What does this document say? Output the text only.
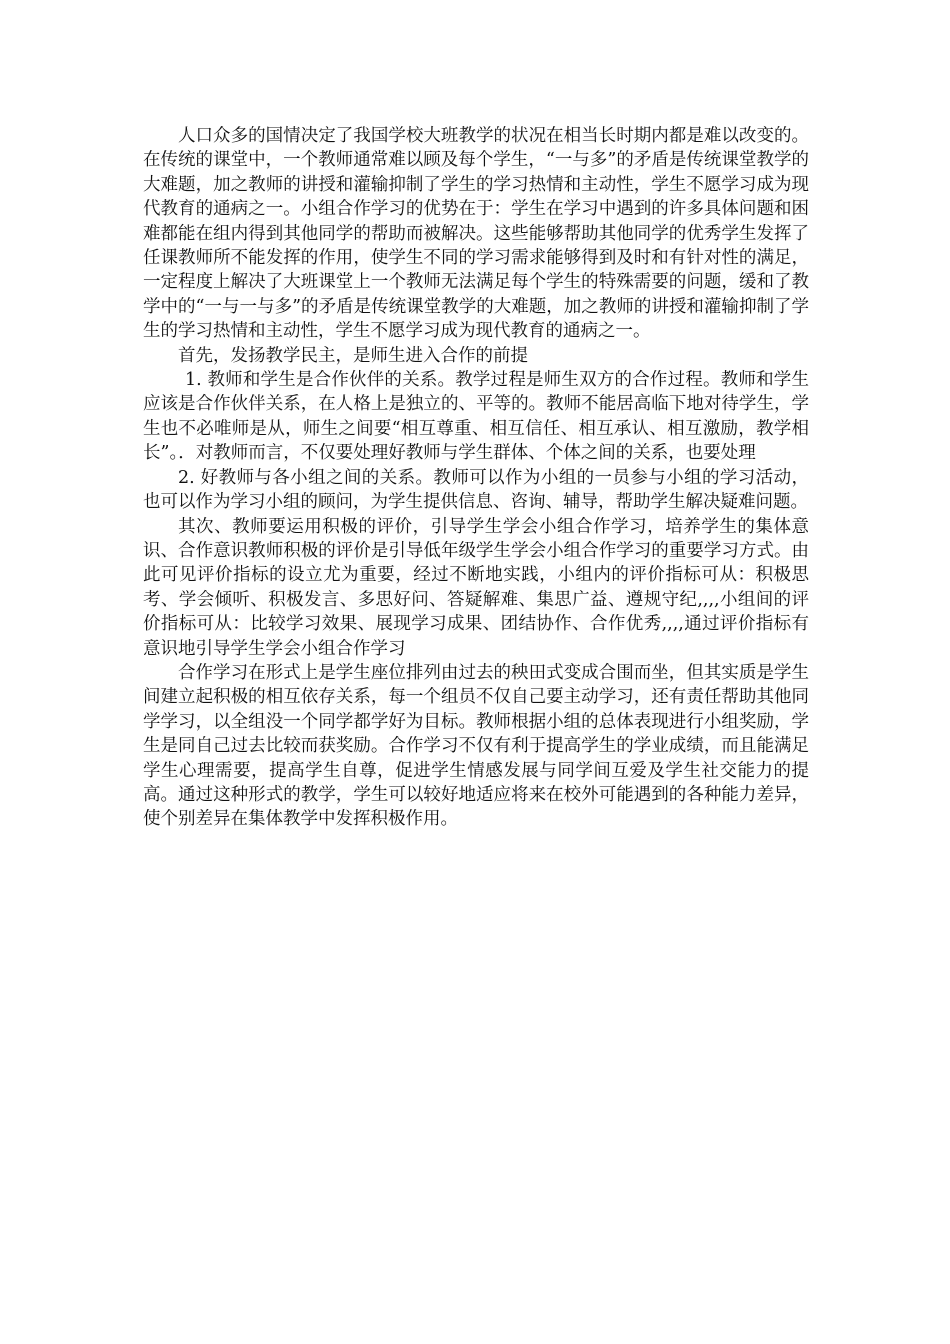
人口众多的国情决定了我国学校大班教学的状况在相当长时期内都是难以改变的。在传统的课堂中，一个教师通常难以顾及每个学生，“一与多”的矛盾是传统课堂教学的大难题，加之教师的讲授和灌输抑制了学生的学习热情和主动性，学生不愿学习成为现代教育的通病之一。小组合作学习的优势在于：学生在学习中遇到的许多具体问题和困难都能在组内得到其他同学的帮助而被解决。这些能够帮助其他同学的优秀学生发挥了任课教师所不能发挥的作用，使学生不同的学习需求能够得到及时和有针对性的满足，一定程度上解决了大班课堂上一个教师无法满足每个学生的特殊需要的问题，缓和了教学中的“一与一与多”的矛盾是传统课堂教学的大难题，加之教师的讲授和灌输抑制了学生的学习热情和主动性，学生不愿学习成为现代教育的通病之一。

首先，发扬教学民主，是师生进入合作的前提

1. 教师和学生是合作伙伴的关系。教学过程是师生双方的合作过程。教师和学生应该是合作伙伴关系，在人格上是独立的、平等的。教师不能居高临下地对待学生，学生也不必唯师是从，师生之间要“相互尊重、相互信任、相互承认、相互激励，教学相长”。．对教师而言，不仅要处理好教师与学生群体、个体之间的关系，也要处理

2. 好教师与各小组之间的关系。教师可以作为小组的一员参与小组的学习活动，也可以作为学习小组的顾问，为学生提供信息、咨询、辅导，帮助学生解决疑难问题。

其次、教师要运用积极的评价，引导学生学会小组合作学习，培养学生的集体意识、合作意识教师积极的评价是引导低年级学生学会小组合作学习的重要学习方式。由此可见评价指标的设立尤为重要，经过不断地实践，小组内的评价指标可从：积极思考、学会倾听、积极发言、多思好问、答疑解难、集思广益、遵规守纪,,,,小组间的评价指标可从：比较学习效果、展现学习成果、团结协作、合作优秀,,,,通过评价指标有意识地引导学生学会小组合作学习

合作学习在形式上是学生座位排列由过去的秧田式变成合围而坐，但其实质是学生间建立起积极的相互依存关系，每一个组员不仅自己要主动学习，还有责任帮助其他同学学习，以全组没一个同学都学好为目标。教师根据小组的总体表现进行小组奖励，学生是同自己过去比较而获奖励。合作学习不仅有利于提高学生的学业成绩，而且能满足学生心理需要，提高学生自尊，促进学生情感发展与同学间互爱及学生社交能力的提高。通过这种形式的教学，学生可以较好地适应将来在校外可能遇到的各种能力差异，使个别差异在集体教学中发挥积极作用。
